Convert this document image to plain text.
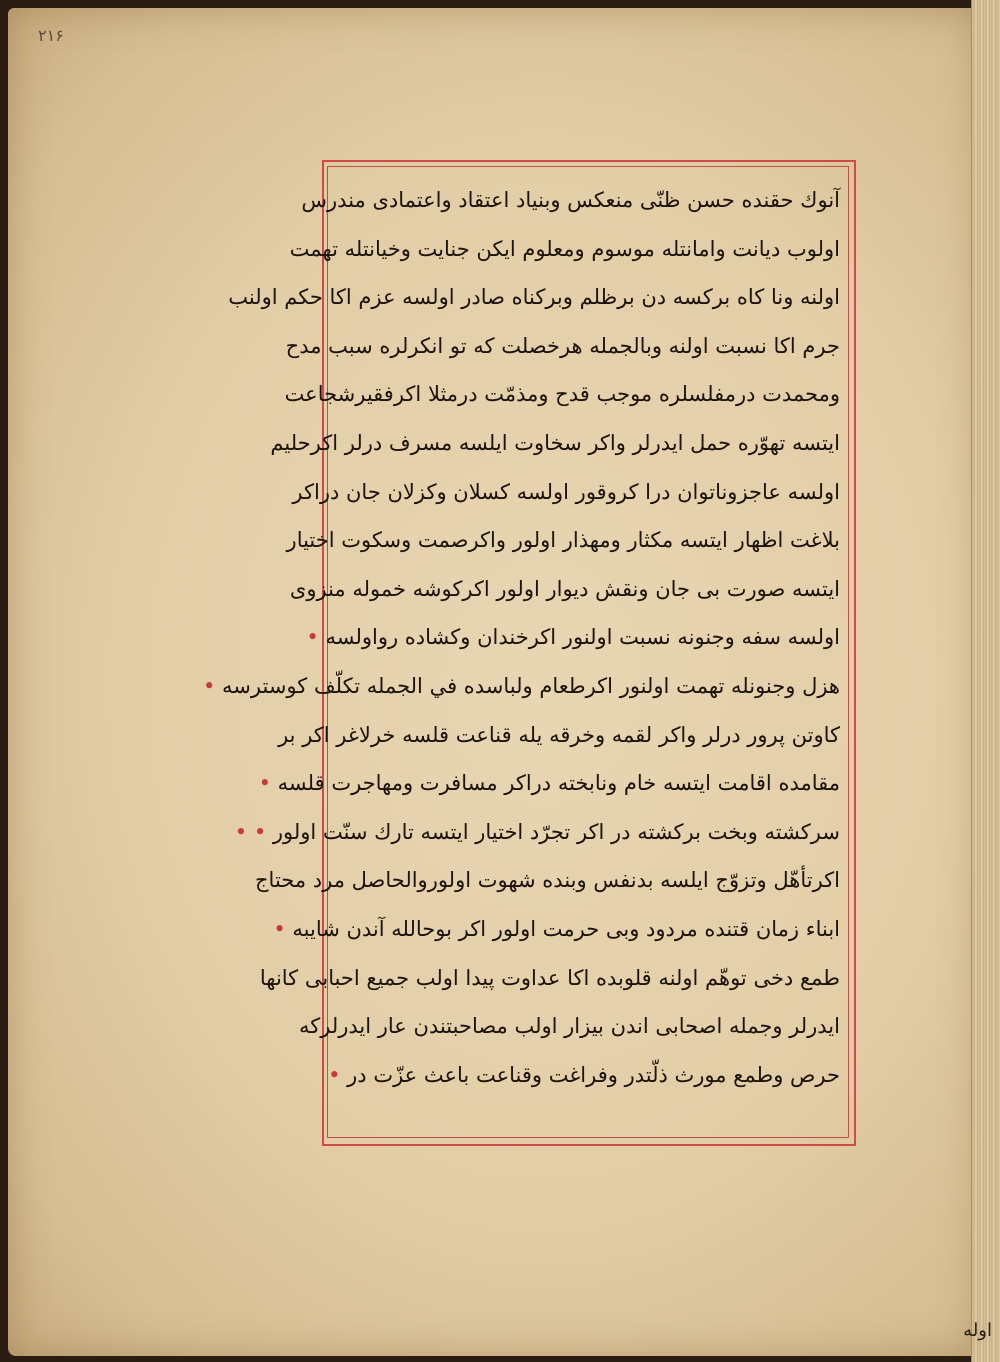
۲۱۶
آنوك حقنده حسن ظنّی منعكس وبنياد اعتقاد واعتمادی مندرس
اولوب ديانت وامانتله موسوم ومعلوم ايكن جنايت وخيانتله تهمت
اولنه ونا كاه بركسه دن برظلم وبركناه صادر اولسه عزم اكا حكم اولنب
جرم اكا نسبت اولنه وبالجمله هرخصلت كه تو انكرلره سبب مدح
ومحمدت درمفلسلره موجب قدح ومذمّت درمثلا اكرفقيرشجاعت
ايتسه تهوّره حمل ايدرلر واكر سخاوت ايلسه مسرف درلر اكرحليم
اولسه عاجزوناتوان درا كروقور اولسه كسلان وكزلان جان دراكر
بلاغت اظهار ايتسه مكثار ومهذار اولور واكرصمت وسكوت اختيار
ايتسه صورت بی جان ونقش ديوار اولور اكركوشه خموله منزوی
اولسه سفه وجنونه نسبت اولنور اكرخندان وكشاده رواولسه •
هزل وجنونله تهمت اولنور اكرطعام ولباسده في الجمله تكلّف كوسترسه •
كاوتن پرور درلر واكر لقمه وخرقه يله قناعت قلسه خرلاغر اكر بر
مقامده اقامت ايتسه خام ونابخته دراكر مسافرت ومهاجرت قلسه •
سركشته وبخت بركشته در اكر تجرّد اختيار ايتسه تارك سنّت اولور • •
اكرتأهّل وتزوّج ايلسه بدنفس وبنده شهوت اولوروالحاصل مرد محتاج
ابناء زمان قتنده مردود وبی حرمت اولور اكر بوحالله آندن شايبه •
طمع دخی توهّم اولنه قلوبده اكا عداوت پيدا اولب جميع احبابی كانها
ايدرلر وجمله اصحابی اندن بيزار اولب مصاحبتندن عار ايدرلركه
حرص وطمع مورث ذلّتدر وفراغت وقناعت باعث عزّت در •
اوله
